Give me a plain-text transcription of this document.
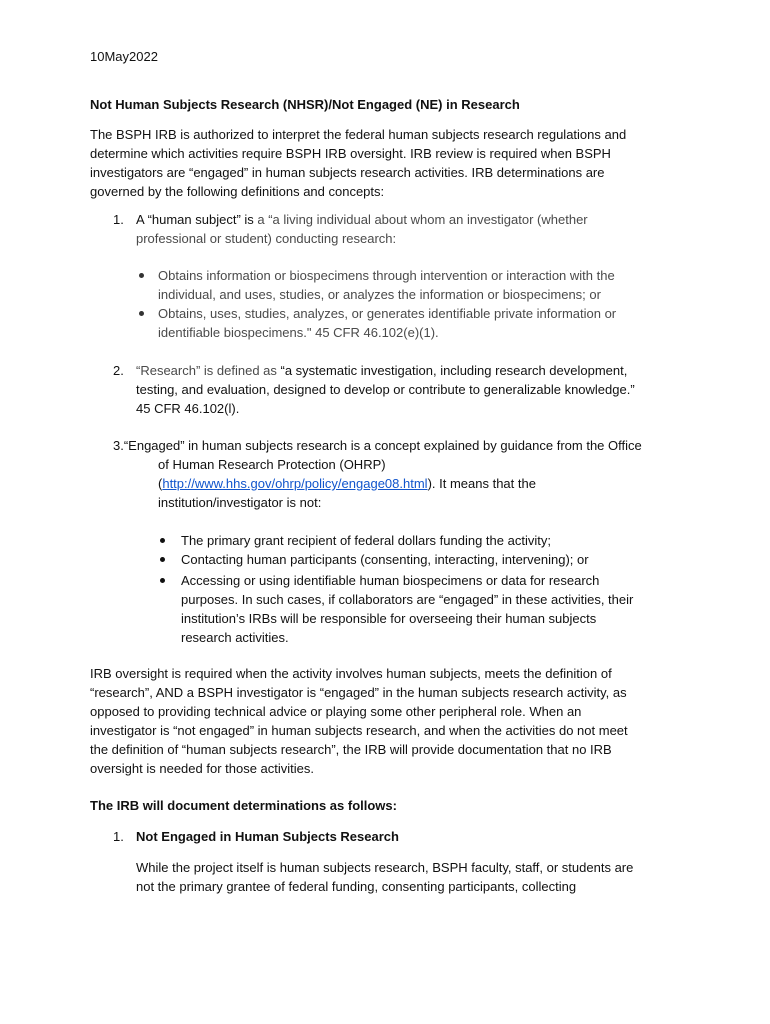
10May2022
Not Human Subjects Research (NHSR)/Not Engaged (NE) in Research
The BSPH IRB is authorized to interpret the federal human subjects research regulations and
determine which activities require BSPH IRB oversight. IRB review is required when BSPH
investigators are “engaged” in human subjects research activities. IRB determinations are
governed by the following definitions and concepts:
1. A “human subject” is a “a living individual about whom an investigator (whether
professional or student) conducting research:
Obtains information or biospecimens through intervention or interaction with the
individual, and uses, studies, or analyzes the information or biospecimens; or
Obtains, uses, studies, analyzes, or generates identifiable private information or
identifiable biospecimens." 45 CFR 46.102(e)(1).
2. “Research” is defined as “a systematic investigation, including research development,
testing, and evaluation, designed to develop or contribute to generalizable knowledge.”
45 CFR 46.102(l).
3.“Engaged” in human subjects research is a concept explained by guidance from the Office
of Human Research Protection (OHRP)
(http://www.hhs.gov/ohrp/policy/engage08.html). It means that the
institution/investigator is not:
The primary grant recipient of federal dollars funding the activity;
Contacting human participants (consenting, interacting, intervening); or
Accessing or using identifiable human biospecimens or data for research
purposes. In such cases, if collaborators are “engaged” in these activities, their
institution’s IRBs will be responsible for overseeing their human subjects
research activities.
IRB oversight is required when the activity involves human subjects, meets the definition of
“research”, AND a BSPH investigator is “engaged” in the human subjects research activity, as
opposed to providing technical advice or playing some other peripheral role. When an
investigator is “not engaged” in human subjects research, and when the activities do not meet
the definition of “human subjects research”, the IRB will provide documentation that no IRB
oversight is needed for those activities.
The IRB will document determinations as follows:
1. Not Engaged in Human Subjects Research
While the project itself is human subjects research, BSPH faculty, staff, or students are
not the primary grantee of federal funding, consenting participants, collecting
